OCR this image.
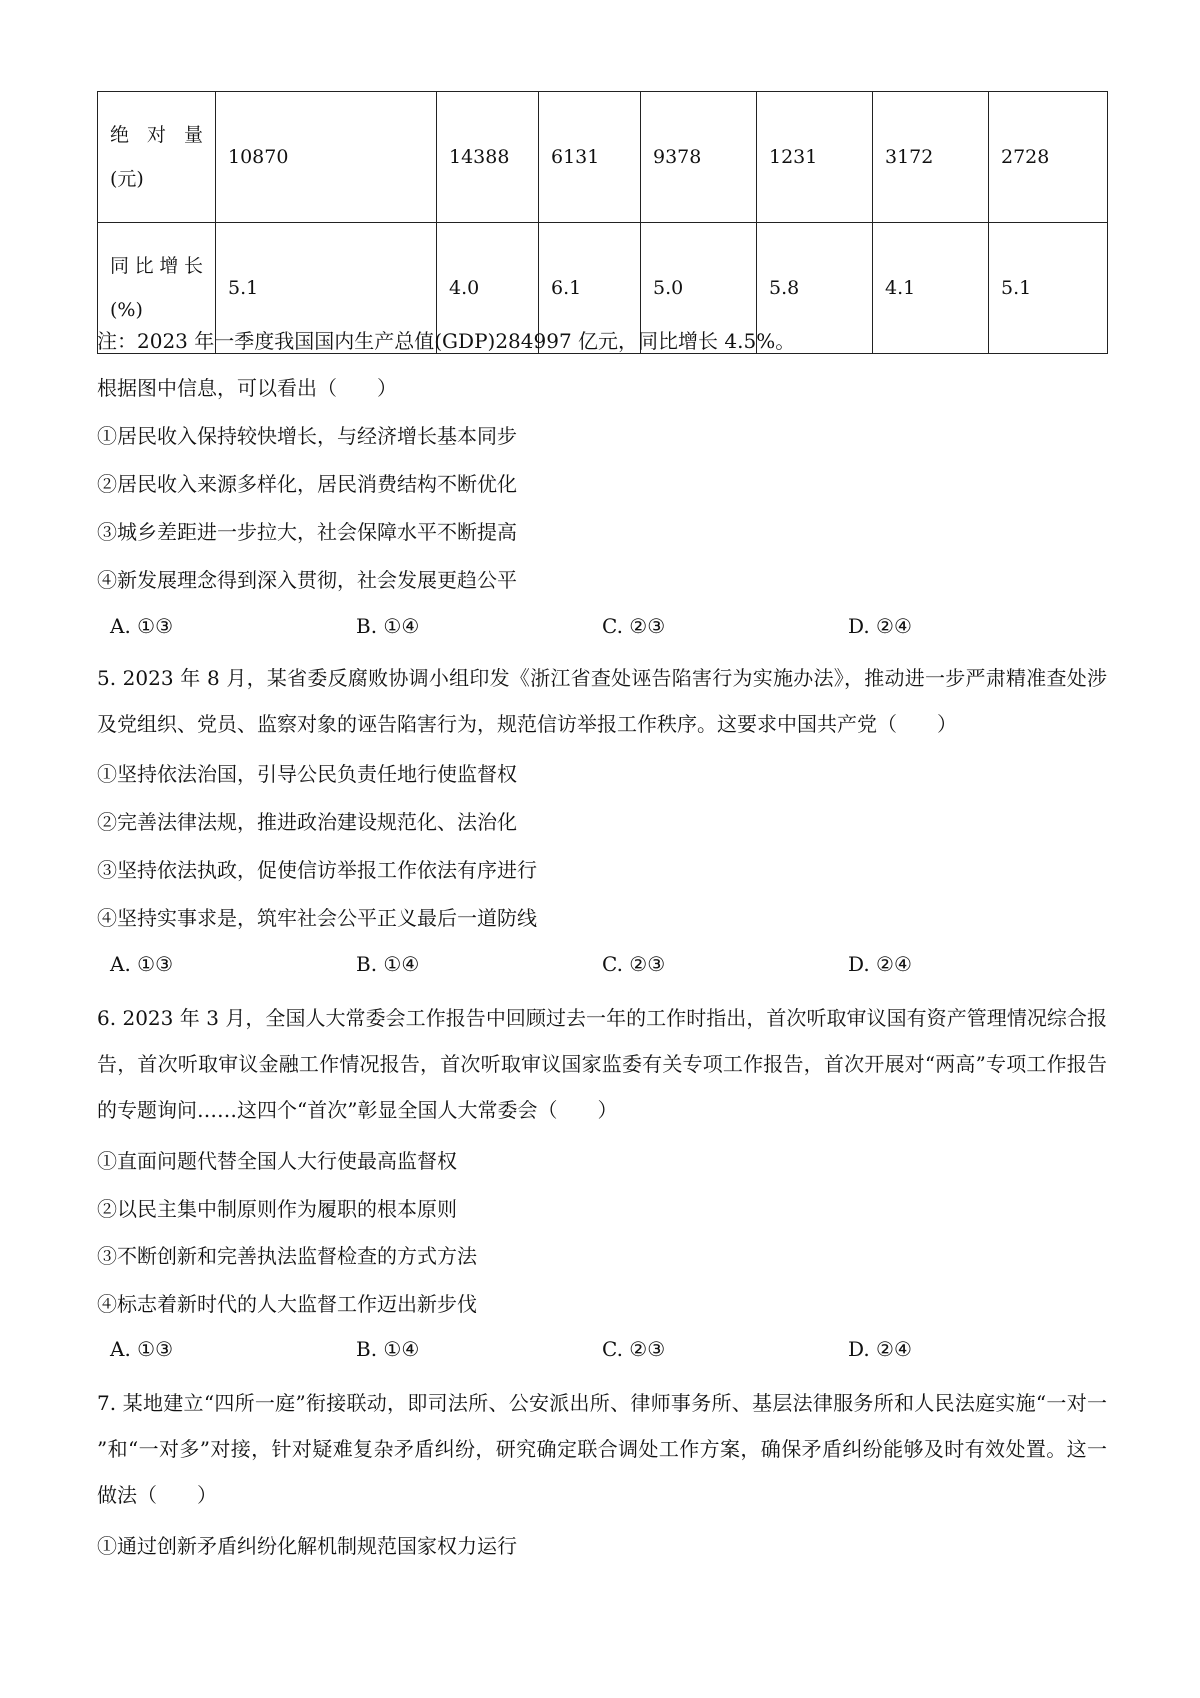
绝 对 量
(元)	10870	14388	6131	9378	1231	3172	2728

同比增长
(%)	5.1	4.0	6.1	5.0	5.8	4.1	5.1
注：2023 年一季度我国国内生产总值(GDP)284997 亿元，同比增长 4.5%。
根据图中信息，可以看出（　　）
①居民收入保持较快增长，与经济增长基本同步
②居民收入来源多样化，居民消费结构不断优化
③城乡差距进一步拉大，社会保障水平不断提高
④新发展理念得到深入贯彻，社会发展更趋公平
A. ①③	B. ①④	C. ②③	D. ②④
5. 2023 年 8 月，某省委反腐败协调小组印发《浙江省查处诬告陷害行为实施办法》，推动进一步严肃精准查处涉及党组织、党员、监察对象的诬告陷害行为，规范信访举报工作秩序。这要求中国共产党（　　）
①坚持依法治国，引导公民负责任地行使监督权
②完善法律法规，推进政治建设规范化、法治化
③坚持依法执政，促使信访举报工作依法有序进行
④坚持实事求是，筑牢社会公平正义最后一道防线
A. ①③	B. ①④	C. ②③	D. ②④
6. 2023 年 3 月，全国人大常委会工作报告中回顾过去一年的工作时指出，首次听取审议国有资产管理情况综合报告，首次听取审议金融工作情况报告，首次听取审议国家监委有关专项工作报告，首次开展对“两高”专项工作报告的专题询问……这四个“首次”彰显全国人大常委会（　　）
①直面问题代替全国人大行使最高监督权
②以民主集中制原则作为履职的根本原则
③不断创新和完善执法监督检查的方式方法
④标志着新时代的人大监督工作迈出新步伐
A. ①③	B. ①④	C. ②③	D. ②④
7. 某地建立“四所一庭”衔接联动，即司法所、公安派出所、律师事务所、基层法律服务所和人民法庭实施“一对一 ”和“一对多”对接，针对疑难复杂矛盾纠纷，研究确定联合调处工作方案，确保矛盾纠纷能够及时有效处置。这一做法（　　）
①通过创新矛盾纠纷化解机制规范国家权力运行
